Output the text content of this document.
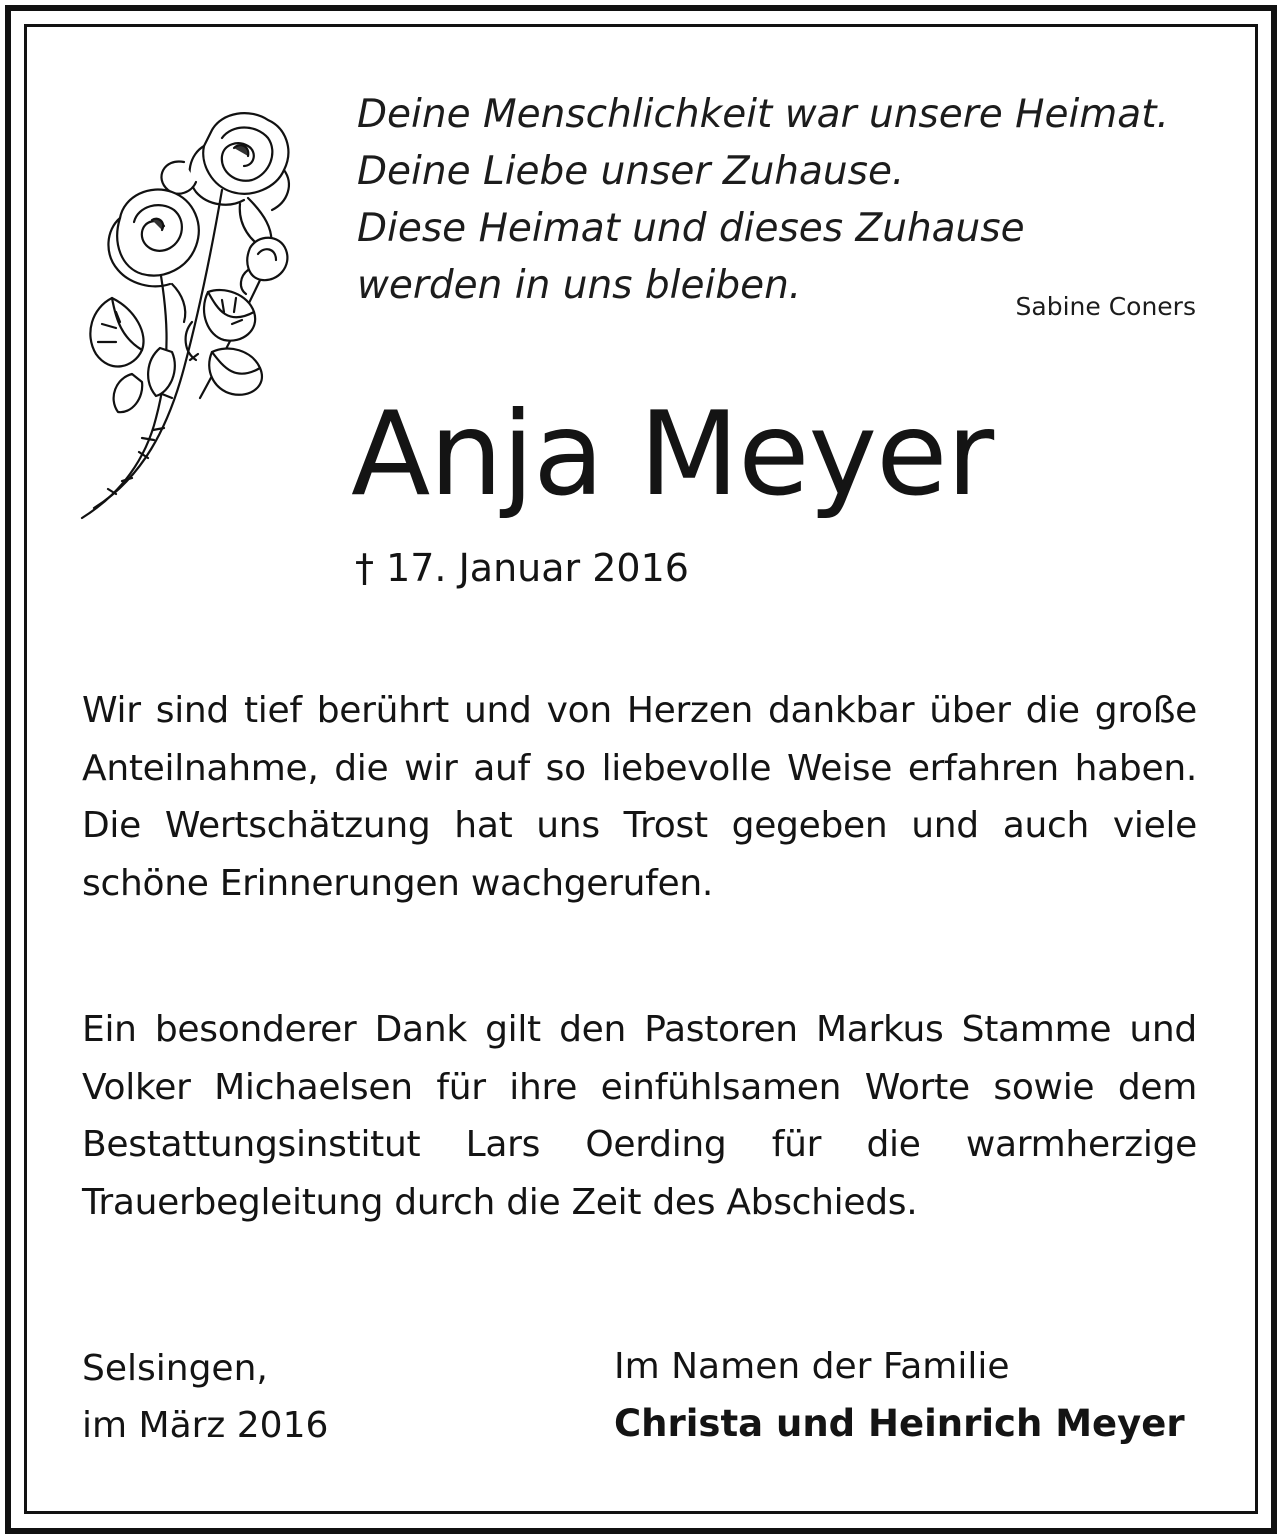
Deine Menschlichkeit war unsere Heimat.
Deine Liebe unser Zuhause.
Diese Heimat und dieses Zuhause
werden in uns bleiben.	Sabine Coners
Anja Meyer
† 17. Januar 2016
Wir sind tief berührt und von Herzen dankbar über die große Anteilnahme, die wir auf so liebevolle Weise erfahren haben. Die Wertschätzung hat uns Trost gegeben und auch viele schöne Erinnerungen wachgerufen.
Ein besonderer Dank gilt den Pastoren Markus Stamme und Volker Michaelsen für ihre einfühlsamen Worte sowie dem Bestattungsinstitut Lars Oerding für die warmherzige Trauerbegleitung durch die Zeit des Abschieds.
Selsingen,
im März 2016
Im Namen der Familie
Christa und Heinrich Meyer
